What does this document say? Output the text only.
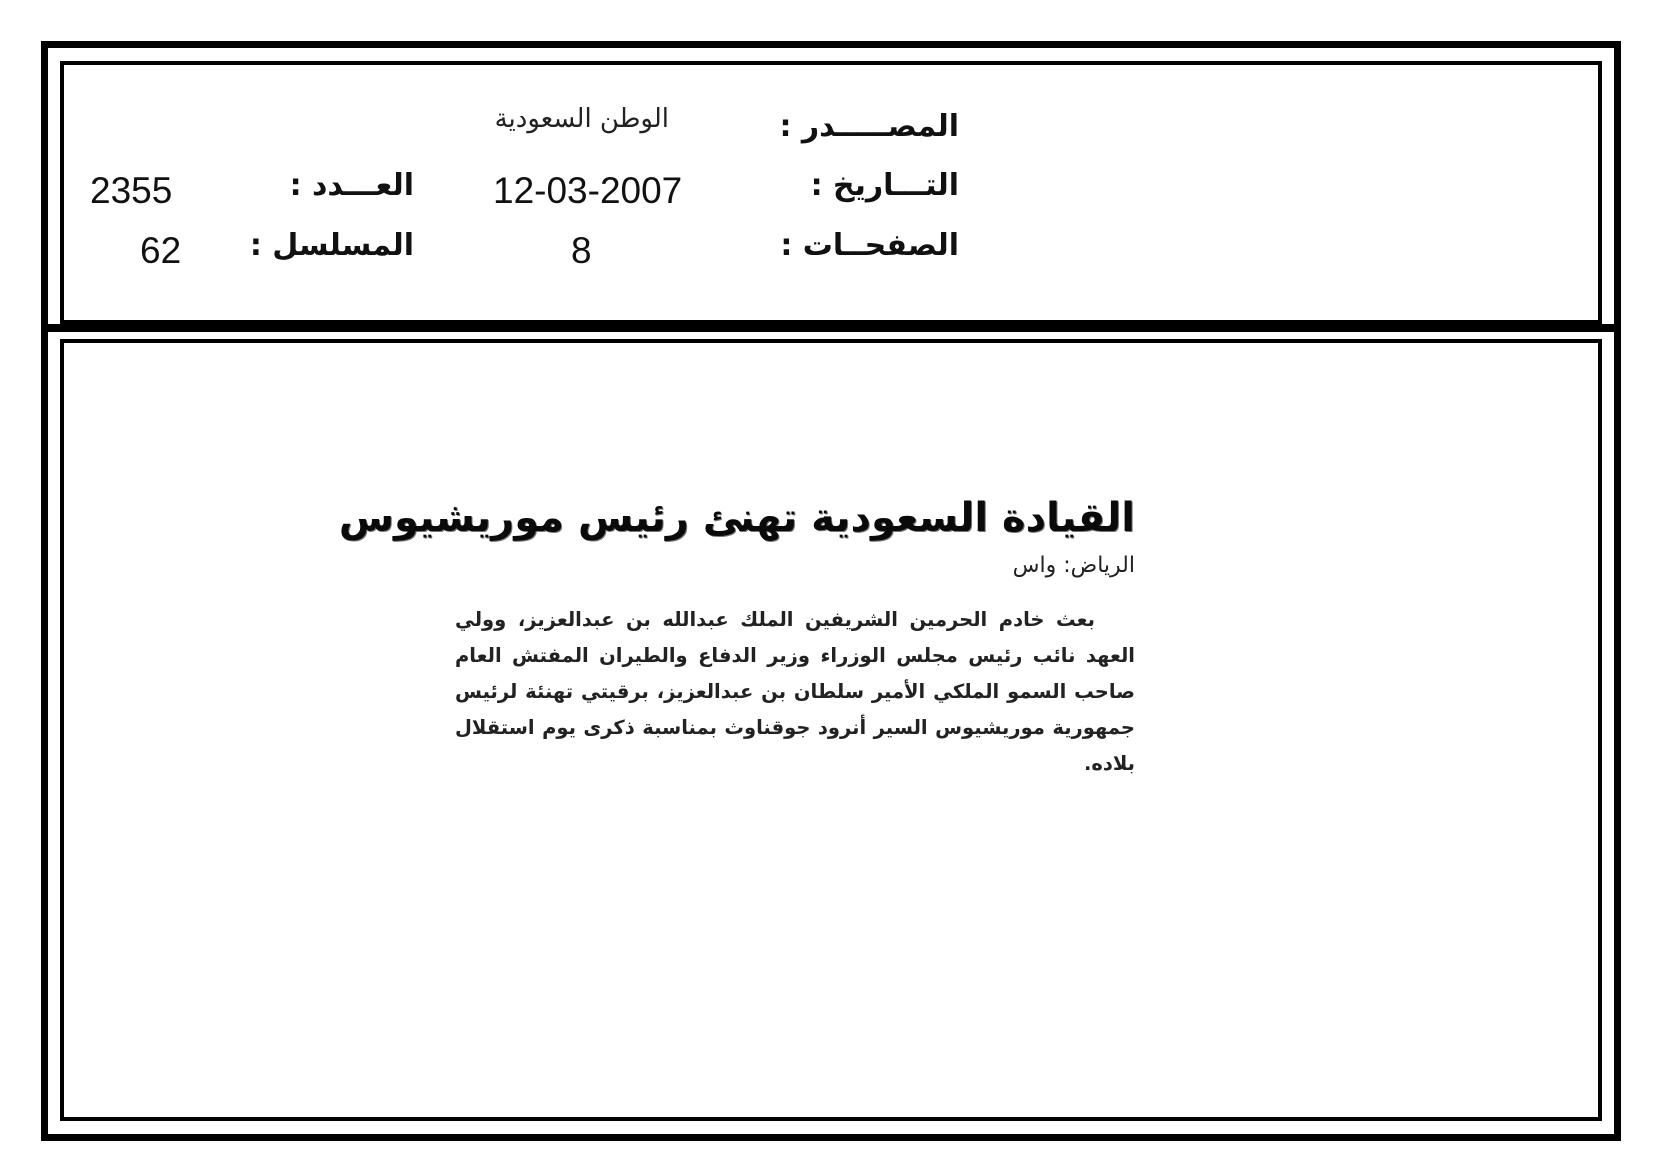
المصـــــدر :
الوطن السعودية
التـــاريخ :
12-03-2007
الصفحــات :
8
العـــدد :
2355
المسلسل :
62
القيادة السعودية تهنئ رئيس موريشيوس
الرياض: واس
بعث خادم الحرمين الشريفين الملك عبدالله بن عبدالعزيز، وولي العهد نائب رئيس مجلس الوزراء وزير الدفاع والطيران المفتش العام صاحب السمو الملكي الأمير سلطان بن عبدالعزيز، برقيتي تهنئة لرئيس جمهورية موريشيوس السير أنرود جوقناوث بمناسبة ذكرى يوم استقلال بلاده.
